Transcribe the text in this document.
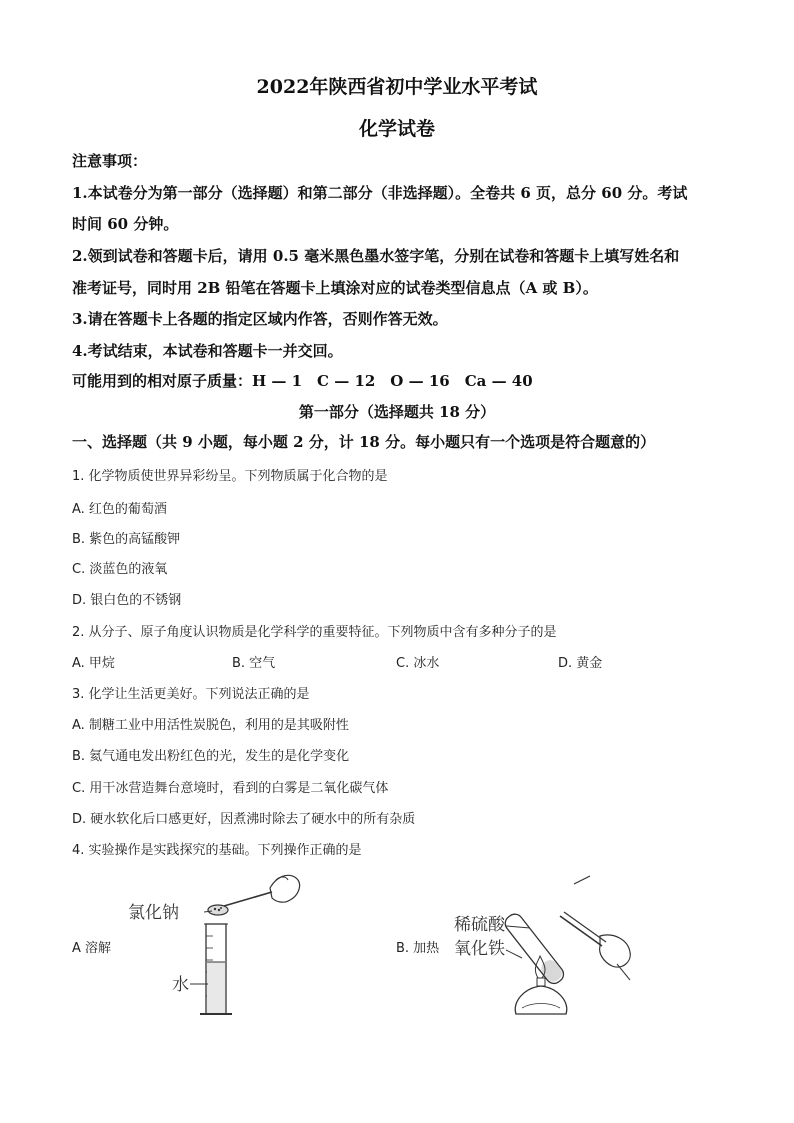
2022年陕西省初中学业水平考试
化学试卷
注意事项：
1.本试卷分为第一部分（选择题）和第二部分（非选择题）。全卷共 6 页，总分 60 分。考试
时间 60 分钟。
2.领到试卷和答题卡后，请用 0.5 毫米黑色墨水签字笔，分别在试卷和答题卡上填写姓名和
准考证号，同时用 2B 铅笔在答题卡上填涂对应的试卷类型信息点（A 或 B）。
3.请在答题卡上各题的指定区域内作答，否则作答无效。
4.考试结束，本试卷和答题卡一并交回。
可能用到的相对原子质量：H — 1　C — 12　O — 16　Ca — 40
第一部分（选择题共 18 分）
一、选择题（共 9 小题，每小题 2 分，计 18 分。每小题只有一个选项是符合题意的）
1. 化学物质使世界异彩纷呈。下列物质属于化合物的是
A. 红色的葡萄酒
B. 紫色的高锰酸钾
C. 淡蓝色的液氧
D. 银白色的不锈钢
2. 从分子、原子角度认识物质是化学科学的重要特征。下列物质中含有多种分子的是
A. 甲烷	B. 空气	C. 冰水	D. 黄金
3. 化学让生活更美好。下列说法正确的是
A. 制糖工业中用活性炭脱色，利用的是其吸附性
B. 氦气通电发出粉红色的光，发生的是化学变化
C. 用干冰营造舞台意境时，看到的白雾是二氧化碳气体
D. 硬水软化后口感更好，因煮沸时除去了硬水中的所有杂质
4. 实验操作是实践探究的基础。下列操作正确的是
A 溶解	B. 加热
氯化钠
水
稀硫酸
氧化铁
